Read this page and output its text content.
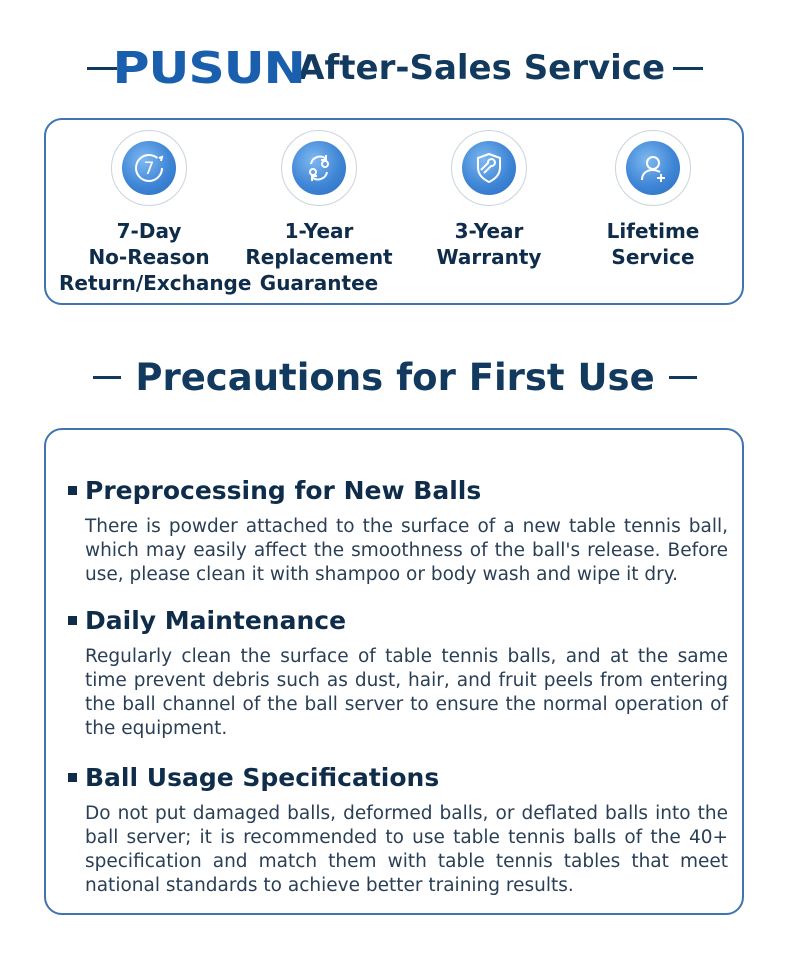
PUSUN
After-Sales Service
7
7-Day
No-Reason
Return/Exchange
1-Year
Replacement
Guarantee
3-Year
Warranty
Lifetime Service
Precautions for First Use
Preprocessing for New Balls
There is powder attached to the surface of a new table tennis ball, which may easily affect the smoothness of the ball's release. Before use, please clean it with shampoo or body wash and wipe it dry.
Daily Maintenance
Regularly clean the surface of table tennis balls, and at the same time prevent debris such as dust, hair, and fruit peels from entering the ball channel of the ball server to ensure the normal operation of the equipment.
Ball Usage Specifications
Do not put damaged balls, deformed balls, or deflated balls into the ball server; it is recommended to use table tennis balls of the 40+ specification and match them with table tennis tables that meet national standards to achieve better training results.
